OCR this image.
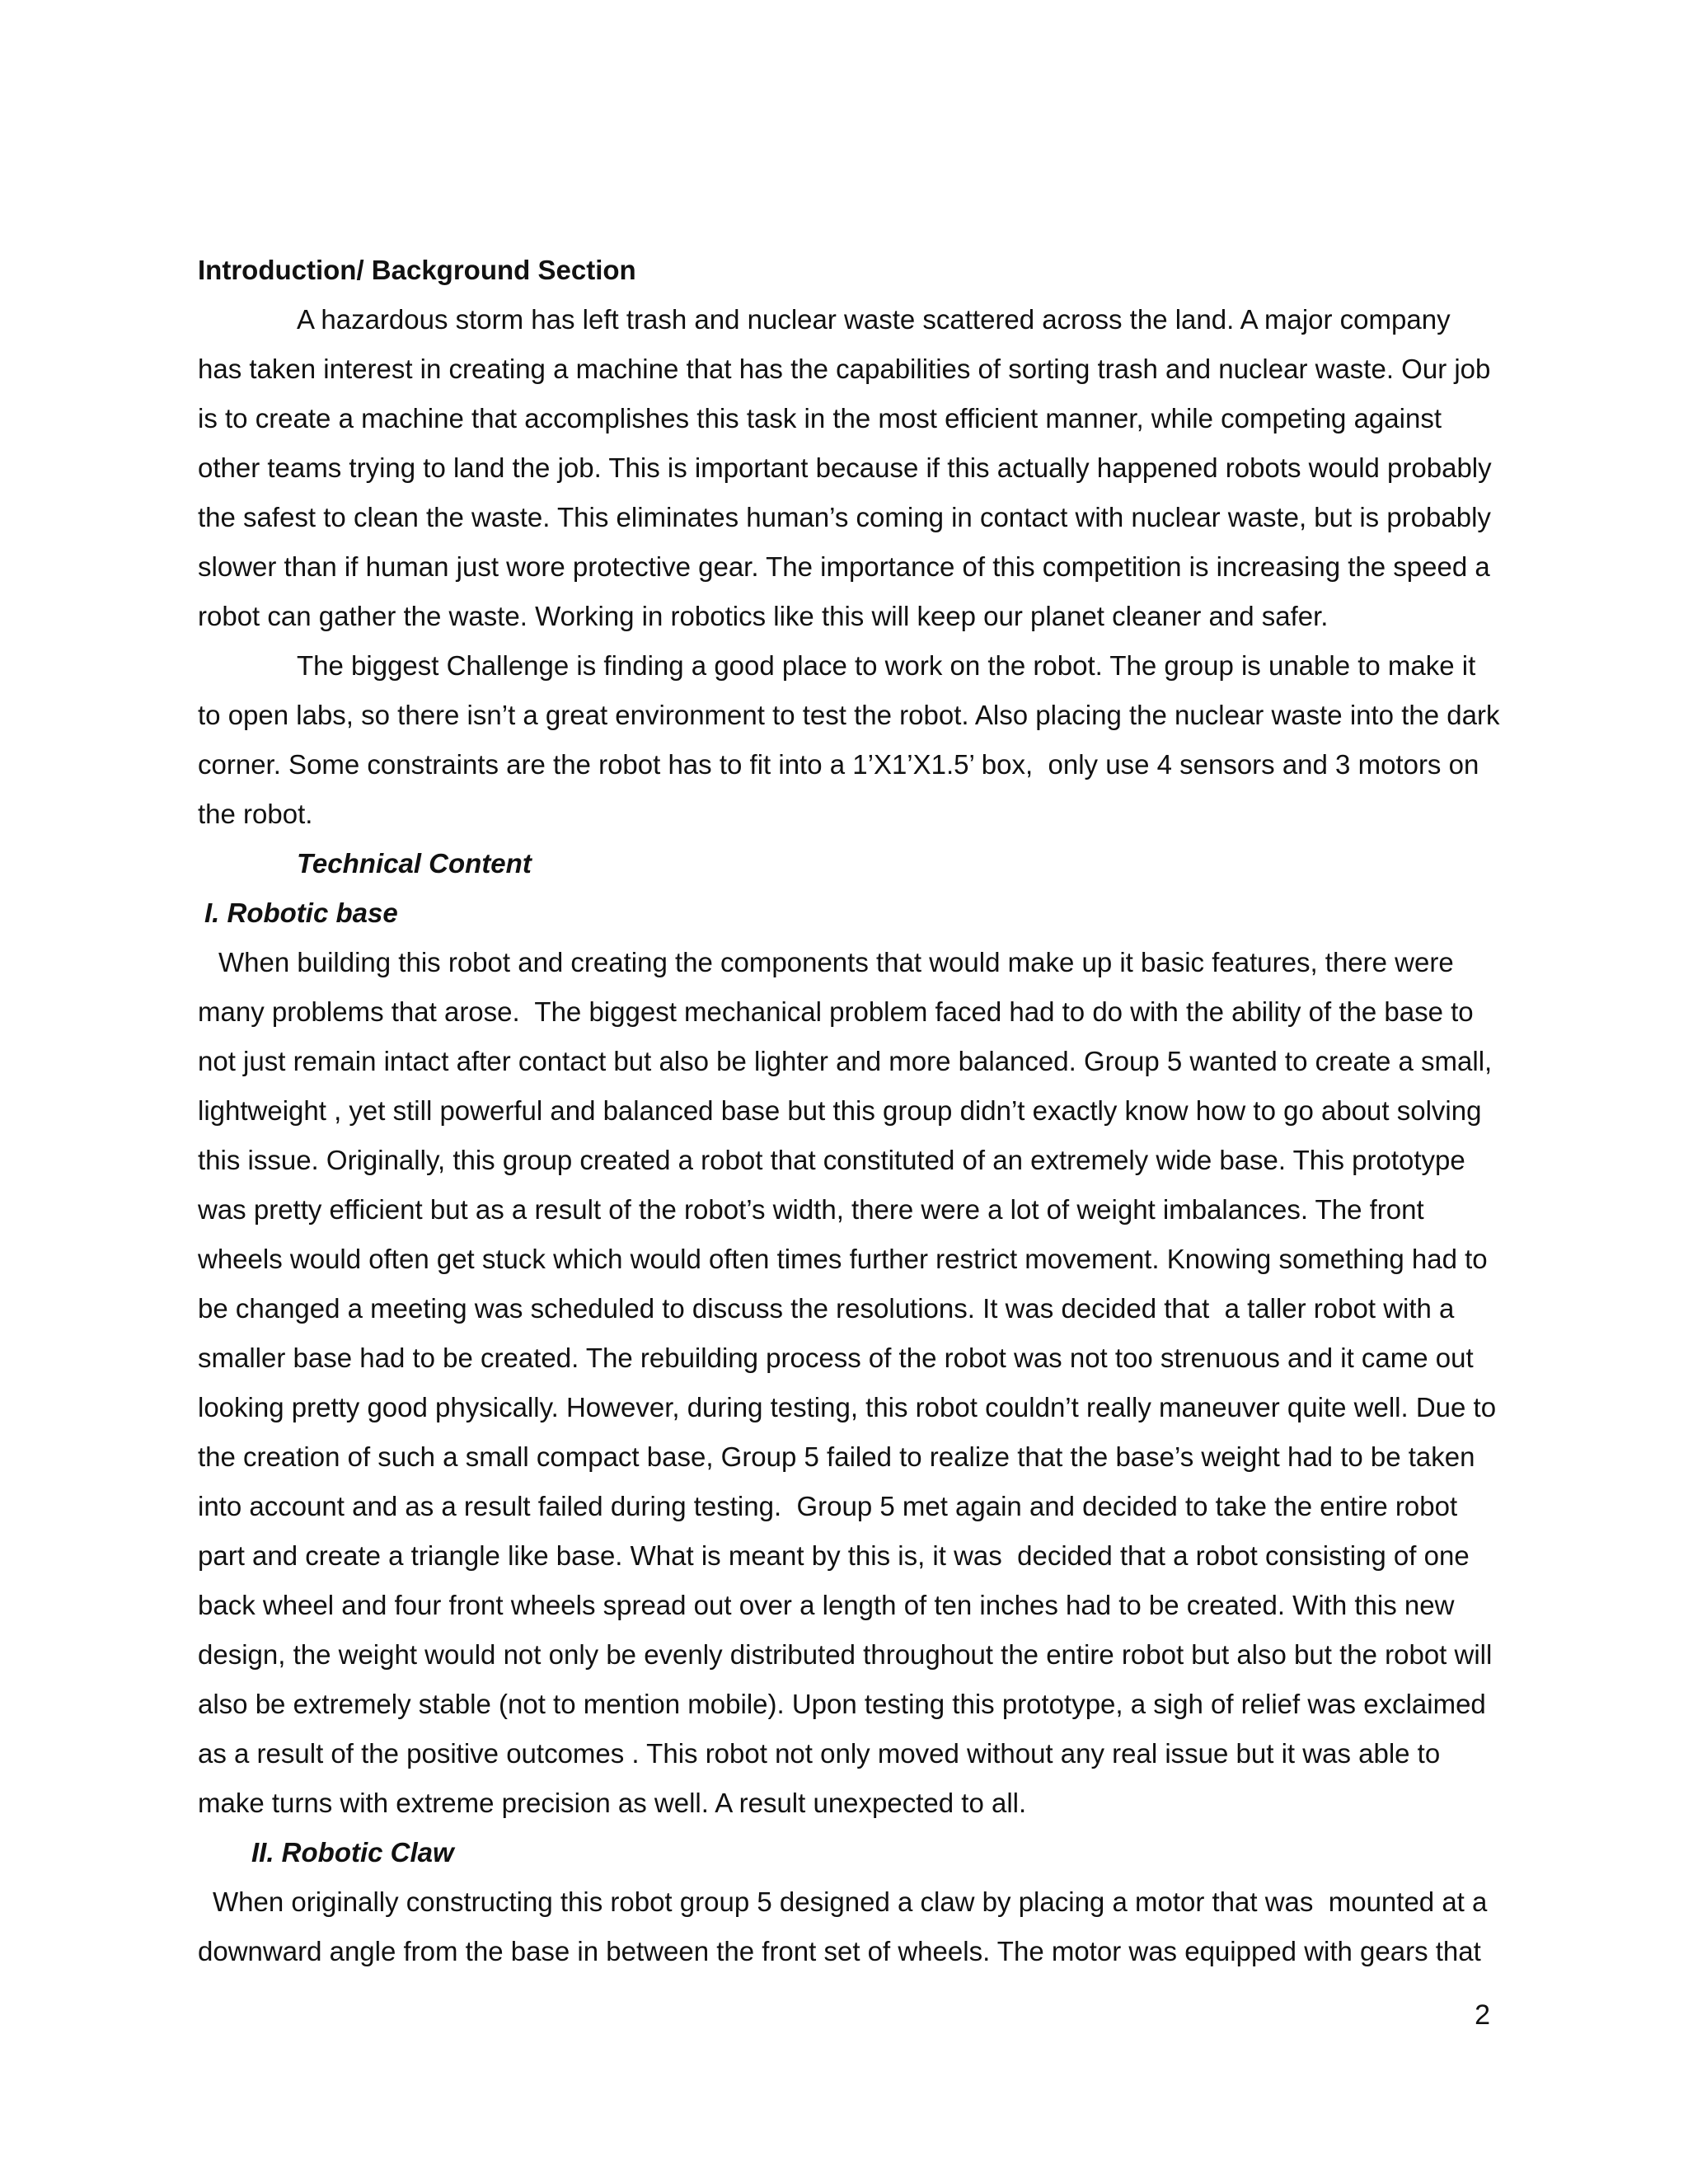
Introduction/ Background Section
A hazardous storm has left trash and nuclear waste scattered across the land. A major company
has taken interest in creating a machine that has the capabilities of sorting trash and nuclear waste. Our job
is to create a machine that accomplishes this task in the most efficient manner, while competing against
other teams trying to land the job. This is important because if this actually happened robots would probably
the safest to clean the waste. This eliminates human’s coming in contact with nuclear waste, but is probably
slower than if human just wore protective gear. The importance of this competition is increasing the speed a
robot can gather the waste. Working in robotics like this will keep our planet cleaner and safer.
The biggest Challenge is finding a good place to work on the robot. The group is unable to make it
to open labs, so there isn’t a great environment to test the robot. Also placing the nuclear waste into the dark
corner. Some constraints are the robot has to fit into a 1’X1’X1.5’ box,  only use 4 sensors and 3 motors on
the robot.
Technical Content
I. Robotic base
When building this robot and creating the components that would make up it basic features, there were
many problems that arose.  The biggest mechanical problem faced had to do with the ability of the base to
not just remain intact after contact but also be lighter and more balanced. Group 5 wanted to create a small,
lightweight , yet still powerful and balanced base but this group didn’t exactly know how to go about solving
this issue. Originally, this group created a robot that constituted of an extremely wide base. This prototype
was pretty efficient but as a result of the robot’s width, there were a lot of weight imbalances. The front
wheels would often get stuck which would often times further restrict movement. Knowing something had to
be changed a meeting was scheduled to discuss the resolutions. It was decided that  a taller robot with a
smaller base had to be created. The rebuilding process of the robot was not too strenuous and it came out
looking pretty good physically. However, during testing, this robot couldn’t really maneuver quite well. Due to
the creation of such a small compact base, Group 5 failed to realize that the base’s weight had to be taken
into account and as a result failed during testing.  Group 5 met again and decided to take the entire robot
part and create a triangle like base. What is meant by this is, it was  decided that a robot consisting of one
back wheel and four front wheels spread out over a length of ten inches had to be created. With this new
design, the weight would not only be evenly distributed throughout the entire robot but also but the robot will
also be extremely stable (not to mention mobile). Upon testing this prototype, a sigh of relief was exclaimed
as a result of the positive outcomes . This robot not only moved without any real issue but it was able to
make turns with extreme precision as well. A result unexpected to all.
II. Robotic Claw
When originally constructing this robot group 5 designed a claw by placing a motor that was  mounted at a
downward angle from the base in between the front set of wheels. The motor was equipped with gears that
2
